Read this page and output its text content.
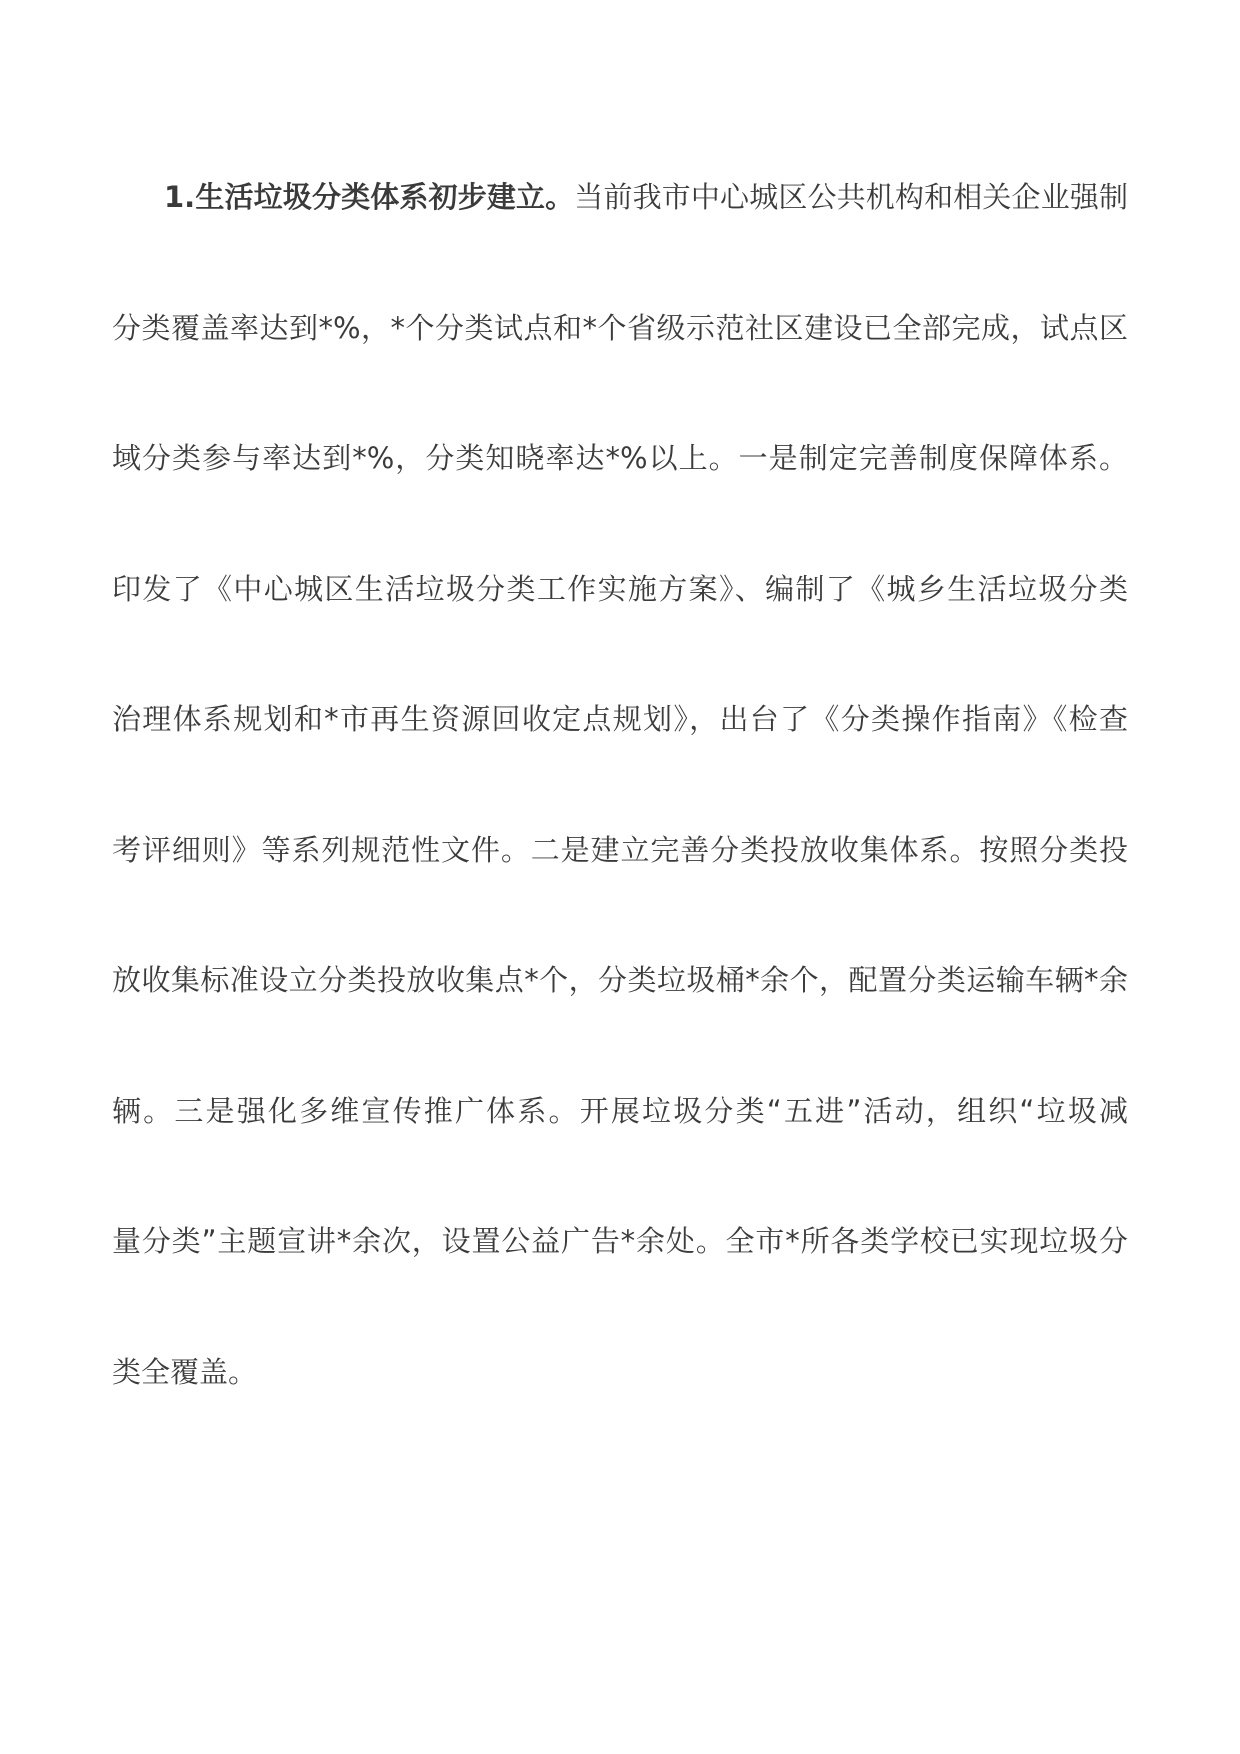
1.生活垃圾分类体系初步建立。当前我市中心城区公共机构和相关企业强制
分类覆盖率达到*%，*个分类试点和*个省级示范社区建设已全部完成，试点区
域分类参与率达到*%，分类知晓率达*%以上。一是制定完善制度保障体系。
印发了《中心城区生活垃圾分类工作实施方案》、编制了《城乡生活垃圾分类
治理体系规划和*市再生资源回收定点规划》，出台了《分类操作指南》《检查
考评细则》等系列规范性文件。二是建立完善分类投放收集体系。按照分类投
放收集标准设立分类投放收集点*个，分类垃圾桶*余个，配置分类运输车辆*余
辆。三是强化多维宣传推广体系。开展垃圾分类“五进”活动，组织“垃圾减
量分类”主题宣讲*余次，设置公益广告*余处。全市*所各类学校已实现垃圾分
类全覆盖。
